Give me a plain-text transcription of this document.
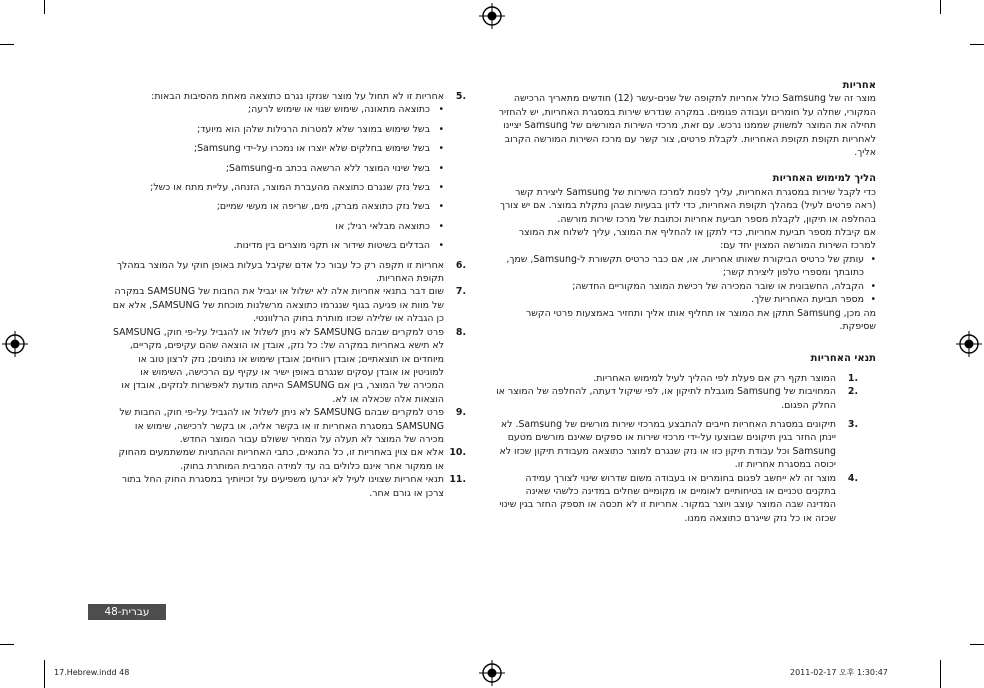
אחריות

מוצר זה של Samsung כולל אחריות לתקופה של שנים-עשר (12) חודשים מתאריך הרכישה המקורי, שחלה על חומרים ועבודה פגומים. במקרה שנדרש שירות במסגרת האחריות, יש להחזיר תחילה את המוצר למשווק שממנו נרכש. עם זאת, מרכזי השירות המורשים של Samsung יציינו לאחריות תקופת תקופת האחריות. לקבלת פרטים, צור קשר עם מרכז השירות המורשה הקרוב אליך.

הליך למימוש האחריות

כדי לקבל שירות במסגרת האחריות, עליך לפנות למרכז השירות של Samsung ליצירת קשר (ראה פרטים לעיל) במהלך תקופת האחריות, כדי לדון בבעיות שבהן נתקלת במוצר. אם יש צורך בהחלפה או תיקון, לקבלת מספר תביעת אחריות וכתובת של מרכז שירות מורשה.

אם קיבלת מספר תביעת אחריות, כדי לתקן או להחליף את המוצר, עליך לשלוח את המוצר למרכז השירות המורשה המצוין יחד עם:

•
עותק של כרטיס הביקורת שאותו אחריות, או, אם כבר כרטיס תקשורת ל-Samsung, שמך, כתובתך ומספרי טלפון ליצירת קשר;
•
הקבלה, החשבונית או שובר המכירה של רכישת המוצר המקוריים החדשה;
•
מספר תביעת האחריות שלך.

מה מכן, Samsung תתקן את המוצר או תחליף אותו אליך ותחזיר באמצעות פרטי הקשר שסיפקת.

תנאי האחריות

.1
המוצר תקף רק אם פעלת לפי ההליך לעיל למימוש האחריות.
.2
המחויבות של Samsung מוגבלת לתיקון או, לפי שיקול דעתה, להחלפה של המוצר או החלק הפגום.
.3
תיקונים במסגרת האחריות חייבים להתבצע במרכזי שירות מורשים של Samsung. לא יינתן החזר בגין תיקונים שבוצעו על-ידי מרכזי שירות או ספקים שאינם מורשים מטעם Samsung וכל עבודת תיקון כזו או נזק שנגרם למוצר כתוצאה מעבודת תיקון שכזו לא יכוסה במסגרת אחריות זו.
.4
מוצר זה לא ייחשב לפגום בחומרים או בעבודה משום שדרוש שינוי לצורך עמידה בתקנים טכניים או בטיחותיים לאומיים או מקומיים שחלים במדינה כלשהי שאינה המדינה שבה המוצר עוצב ויוצר במקור. אחריות זו לא תכסה או תספק החזר בגין שינוי שכזה או כל נזק שייגרם כתוצאה ממנו.
.5
אחריות זו לא תחול על מוצר שנזקו נגרם כתוצאה מאחת מהסיבות הבאות:
•
כתוצאה מתאונה, שימוש שגוי או שימוש לרעה;
•
בשל שימוש במוצר שלא למטרות הרגילות שלהן הוא מיועד;
•
בשל שימוש בחלקים שלא יוצרו או נמכרו על-ידי Samsung;
•
בשל שינוי המוצר ללא הרשאה בכתב מ-Samsung;
•
בשל נזק שנגרם כתוצאה מהעברת המוצר, הזנחה, עליית מתח או כשל;
•
בשל נזק כתוצאה מברק, מים, שריפה או מעשי שמיים;
•
כתוצאה מבלאי רגיל; או
•
הבדלים בשיטות שידור או תקני מוצרים בין מדינות.
.6
אחריות זו תקפה רק כל עבור כל אדם שקיבל בעלות באופן חוקי על המוצר במהלך תקופת האחריות.
.7
שום דבר בתנאי אחריות אלה לא ישלול או יגביל את החבות של SAMSUNG במקרה של מוות או פגיעה בגוף שנגרמו כתוצאה מרשלנות מוכחת של SAMSUNG, אלא אם כן הגבלה או שלילה שכזו מותרת בחוק הרלוונטי.
.8
פרט למקרים שבהם SAMSUNG לא ניתן לשלול או להגביל על-פי חוק, SAMSUNG לא תישא באחריות במקרה של: כל נזק, אובדן או הוצאה שהם עקיפים, מקריים, מיוחדים או תוצאתיים; אובדן רווחים; אובדן שימוש או נתונים; נזק לרצון טוב או למוניטין או אובדן עסקים שנגרם באופן ישיר או עקיף עם הרכישה, השימוש או המכירה של המוצר, בין אם SAMSUNG הייתה מודעת לאפשרות לנזקים, אובדן או הוצאות אלה שכאלה או לא.
.9
פרט למקרים שבהם SAMSUNG לא ניתן לשלול או להגביל על-פי חוק, החבות של SAMSUNG במסגרת האחריות זו או בקשר אליה, או בקשר לרכישה, שימוש או מכירה של המוצר לא תעלה על המחיר ששולם עבור המוצר החדש.
.10
אלא אם צוין באחריות זו, כל התנאים, כתבי האחריות וההתניות שמשתמעים מהחוק או ממקור אחר אינם כלולים בה עד למידה המרבית המותרת בחוק.
.11
תנאי אחריות שצוינו לעיל לא יגרעו משפיעים על זכויותיך במסגרת החוק החל בתור צרכן או גורם אחר.
עברית-48
17.Hebrew.indd 48	2011-02-17 오후 1:30:47
